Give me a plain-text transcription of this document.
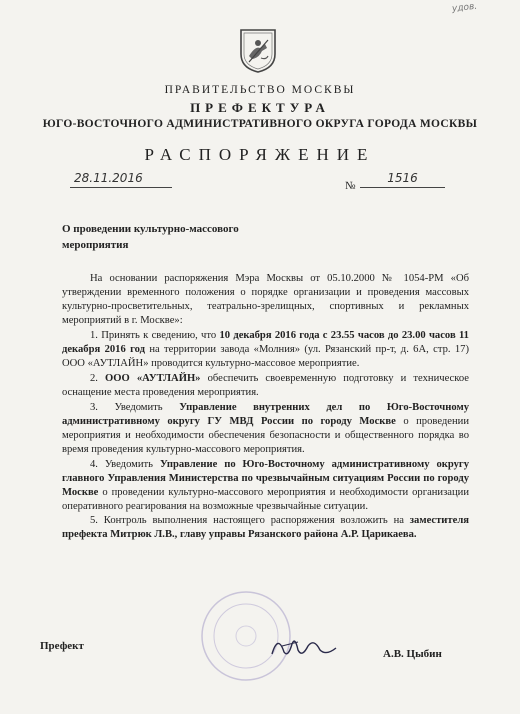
удов.
ПРАВИТЕЛЬСТВО МОСКВЫ
ПРЕФЕКТУРА
ЮГО-ВОСТОЧНОГО АДМИНИСТРАТИВНОГО ОКРУГА ГОРОДА МОСКВЫ
РАСПОРЯЖЕНИЕ
28.11.2016
№
1516
О проведении культурно-массового мероприятия

На основании распоряжения Мэра Москвы от 05.10.2000 № 1054-РМ «Об утверждении временного положения о порядке организации и проведения массовых культурно-просветительных, театрально-зрелищных, спортивных и рекламных мероприятий в г. Москве»:

1. Принять к сведению, что 10 декабря 2016 года с 23.55 часов до 23.00 часов 11 декабря 2016 год на территории завода «Молния» (ул. Рязанский пр-т, д. 6А, стр. 17) ООО «АУТЛАЙН» проводится культурно-массовое мероприятие.

2. ООО «АУТЛАЙН» обеспечить своевременную подготовку и техническое оснащение места проведения мероприятия.

3. Уведомить Управление внутренних дел по Юго-Восточному административному округу ГУ МВД России по городу Москве о проведении мероприятия и необходимости обеспечения безопасности и общественного порядка во время проведения культурно-массового мероприятия.

4. Уведомить Управление по Юго-Восточному административному округу главного Управления Министерства по чрезвычайным ситуациям России по городу Москве о проведении культурно-массового мероприятия и необходимости организации оперативного реагирования на возможные чрезвычайные ситуации.

5. Контроль выполнения настоящего распоряжения возложить на заместителя префекта Митрюк Л.В., главу управы Рязанского района А.Р. Царикаева.

Префект
А.В. Цыбин
